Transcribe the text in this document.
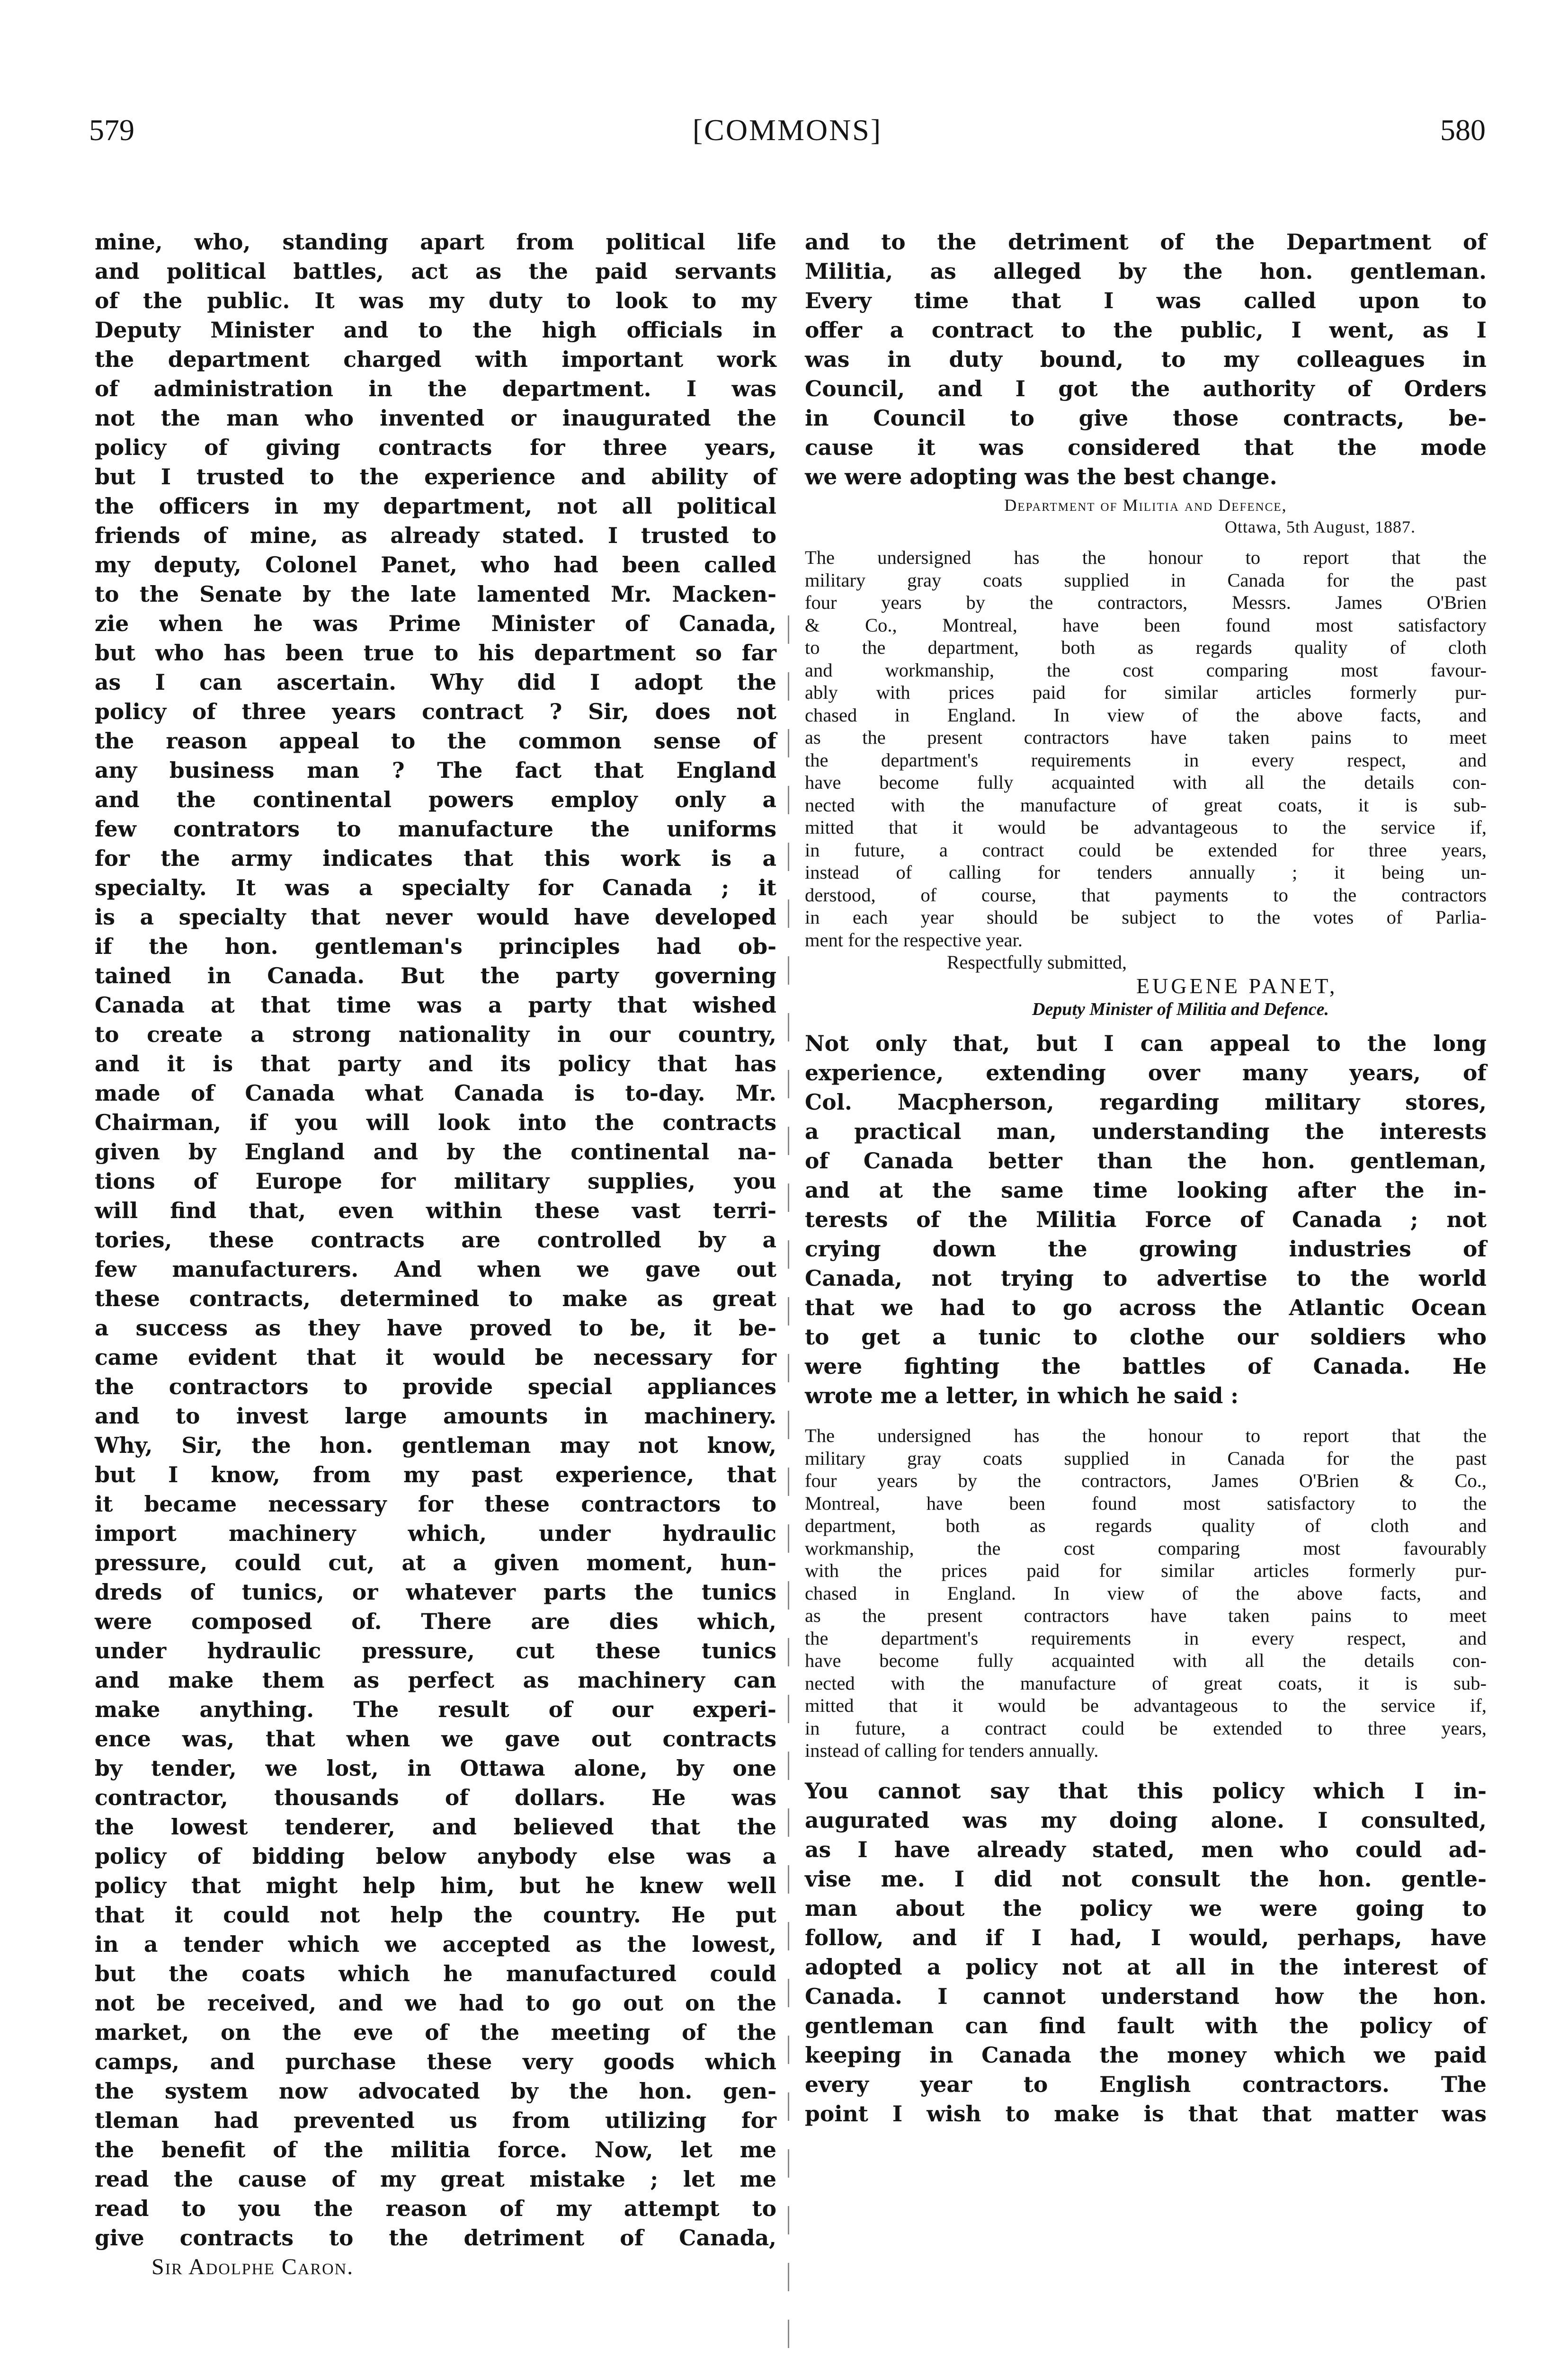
579	[COMMONS]	580

mine, who, standing apart from political life

and political battles, act as the paid servants

of the public. It was my duty to look to my

Deputy Minister and to the high officials in

the department charged with important work

of administration in the department. I was

not the man who invented or inaugurated the

policy of giving contracts for three years,

but I trusted to the experience and ability of

the officers in my department, not all political

friends of mine, as already stated. I trusted to

my deputy, Colonel Panet, who had been called

to the Senate by the late lamented Mr. Macken-

zie when he was Prime Minister of Canada,

but who has been true to his department so far

as I can ascertain. Why did I adopt the

policy of three years contract ? Sir, does not

the reason appeal to the common sense of

any business man ? The fact that England

and the continental powers employ only a

few contrators to manufacture the uniforms

for the army indicates that this work is a

specialty. It was a specialty for Canada ; it

is a specialty that never would have developed

if the hon. gentleman's principles had ob-

tained in Canada. But the party governing

Canada at that time was a party that wished

to create a strong nationality in our country,

and it is that party and its policy that has

made of Canada what Canada is to-day. Mr.

Chairman, if you will look into the contracts

given by England and by the continental na-

tions of Europe for military supplies, you

will find that, even within these vast terri-

tories, these contracts are controlled by a

few manufacturers. And when we gave out

these contracts, determined to make as great

a success as they have proved to be, it be-

came evident that it would be necessary for

the contractors to provide special appliances

and to invest large amounts in machinery.

Why, Sir, the hon. gentleman may not know,

but I know, from my past experience, that

it became necessary for these contractors to

import machinery which, under hydraulic

pressure, could cut, at a given moment, hun-

dreds of tunics, or whatever parts the tunics

were composed of. There are dies which,

under hydraulic pressure, cut these tunics

and make them as perfect as machinery can

make anything. The result of our experi-

ence was, that when we gave out contracts

by tender, we lost, in Ottawa alone, by one

contractor, thousands of dollars. He was

the lowest tenderer, and believed that the

policy of bidding below anybody else was a

policy that might help him, but he knew well

that it could not help the country. He put

in a tender which we accepted as the lowest,

but the coats which he manufactured could

not be received, and we had to go out on the

market, on the eve of the meeting of the

camps, and purchase these very goods which

the system now advocated by the hon. gen-

tleman had prevented us from utilizing for

the benefit of the militia force. Now, let me

read the cause of my great mistake ; let me

read to you the reason of my attempt to

give contracts to the detriment of Canada,

Sir Adolphe Caron.

and to the detriment of the Department of

Militia, as alleged by the hon. gentleman.

Every time that I was called upon to

offer a contract to the public, I went, as I

was in duty bound, to my colleagues in

Council, and I got the authority of Orders

in Council to give those contracts, be-

cause it was considered that the mode

we were adopting was the best change.

Department of Militia and Defence,

Ottawa, 5th August, 1887.

The undersigned has the honour to report that the

military gray coats supplied in Canada for the past

four years by the contractors, Messrs. James O'Brien

& Co., Montreal, have been found most satisfactory

to the department, both as regards quality of cloth

and workmanship, the cost comparing most favour-

ably with prices paid for similar articles formerly pur-

chased in England. In view of the above facts, and

as the present contractors have taken pains to meet

the department's requirements in every respect, and

have become fully acquainted with all the details con-

nected with the manufacture of great coats, it is sub-

mitted that it would be advantageous to the service if,

in future, a contract could be extended for three years,

instead of calling for tenders annually ; it being un-

derstood, of course, that payments to the contractors

in each year should be subject to the votes of Parlia-

ment for the respective year.

Respectfully submitted,

EUGENE PANET,

Deputy Minister of Militia and Defence.

Not only that, but I can appeal to the long

experience, extending over many years, of

Col. Macpherson, regarding military stores,

a practical man, understanding the interests

of Canada better than the hon. gentleman,

and at the same time looking after the in-

terests of the Militia Force of Canada ; not

crying down the growing industries of

Canada, not trying to advertise to the world

that we had to go across the Atlantic Ocean

to get a tunic to clothe our soldiers who

were fighting the battles of Canada. He

wrote me a letter, in which he said :

The undersigned has the honour to report that the

military gray coats supplied in Canada for the past

four years by the contractors, James O'Brien & Co.,

Montreal, have been found most satisfactory to the

department, both as regards quality of cloth and

workmanship, the cost comparing most favourably

with the prices paid for similar articles formerly pur-

chased in England. In view of the above facts, and

as the present contractors have taken pains to meet

the department's requirements in every respect, and

have become fully acquainted with all the details con-

nected with the manufacture of great coats, it is sub-

mitted that it would be advantageous to the service if,

in future, a contract could be extended to three years,

instead of calling for tenders annually.

You cannot say that this policy which I in-

augurated was my doing alone. I consulted,

as I have already stated, men who could ad-

vise me. I did not consult the hon. gentle-

man about the policy we were going to

follow, and if I had, I would, perhaps, have

adopted a policy not at all in the interest of

Canada. I cannot understand how the hon.

gentleman can find fault with the policy of

keeping in Canada the money which we paid

every year to English contractors. The

point I wish to make is that that matter was
